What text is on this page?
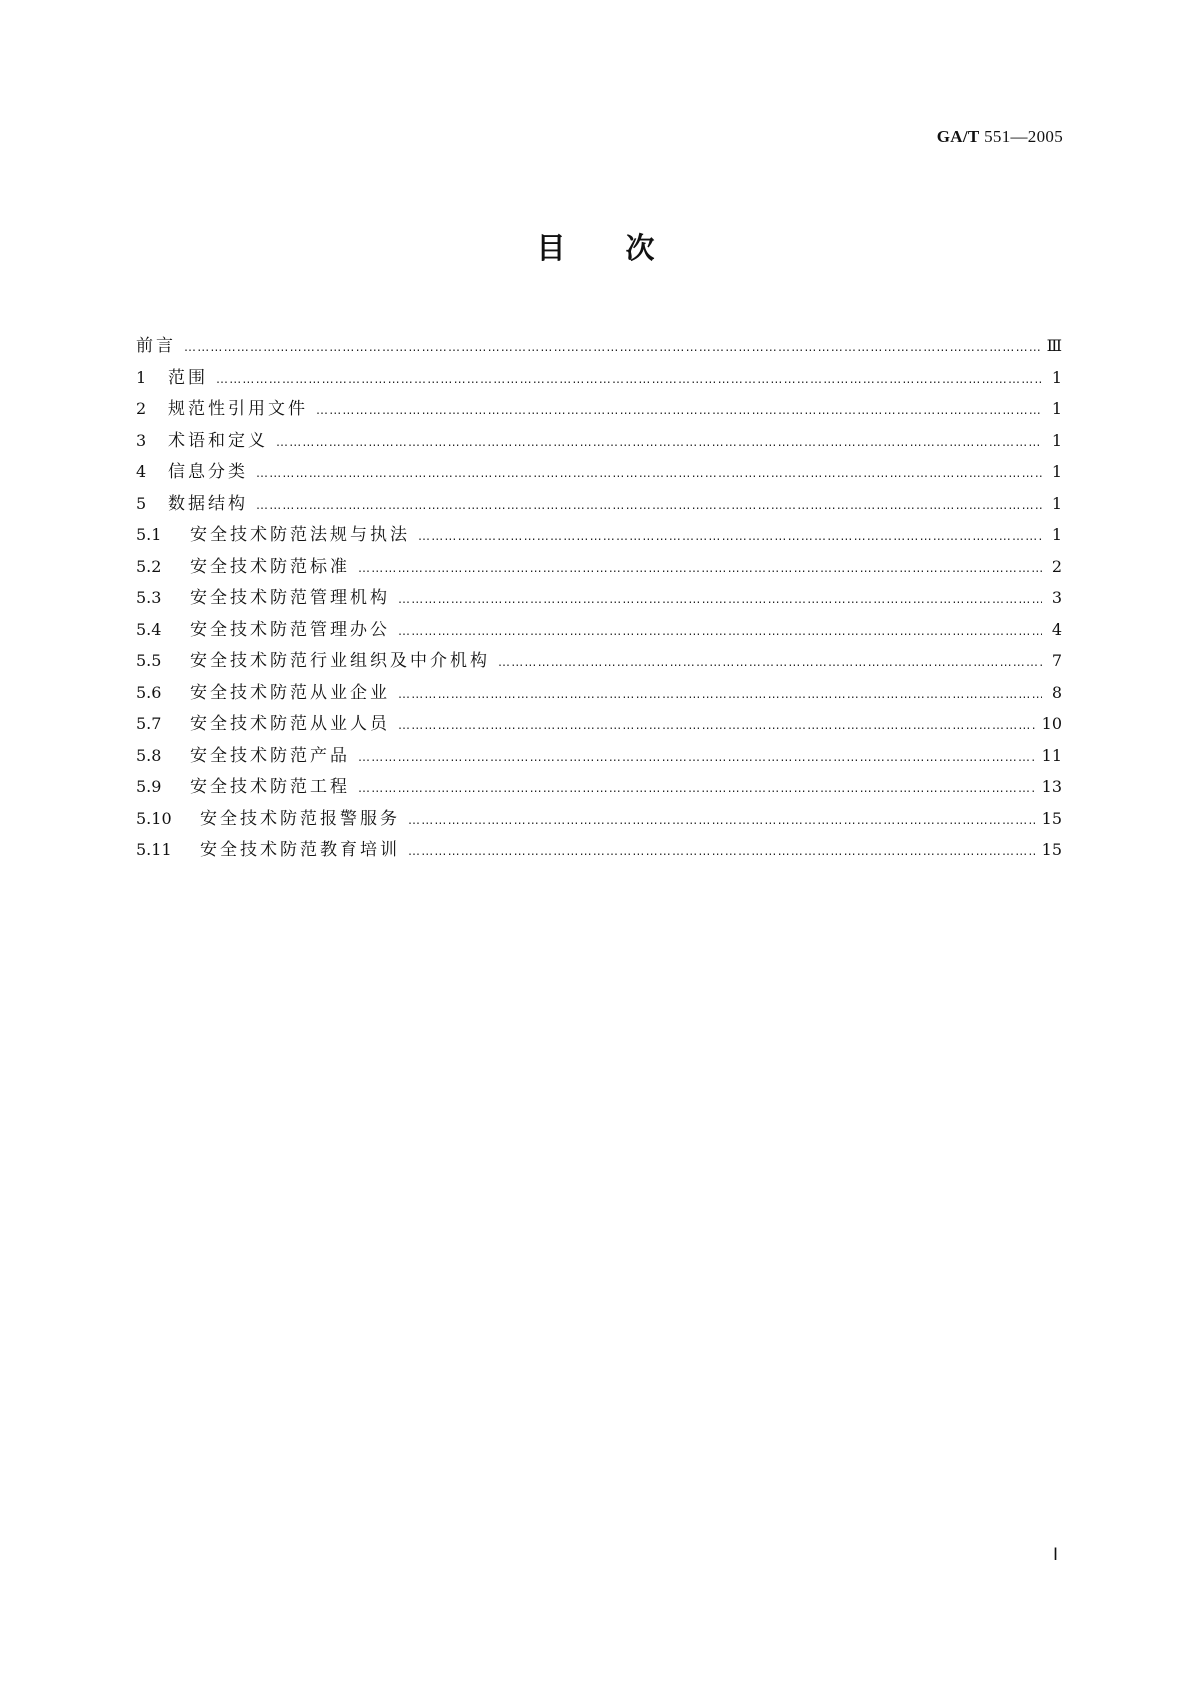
GA/T 551—2005
目次
前言 …………………………………………………………………………………………………………………………………………………………………………………………………………	Ⅲ
1	范围 …………………………………………………………………………………………………………………………………………………………………………………………………………	1
2	规范性引用文件 …………………………………………………………………………………………………………………………………………………………………………………………………………	1
3	术语和定义 …………………………………………………………………………………………………………………………………………………………………………………………………………	1
4	信息分类 …………………………………………………………………………………………………………………………………………………………………………………………………………	1
5	数据结构 …………………………………………………………………………………………………………………………………………………………………………………………………………	1
5.1	安全技术防范法规与执法 …………………………………………………………………………………………………………………………………………………………………………………………………………	1
5.2	安全技术防范标准 …………………………………………………………………………………………………………………………………………………………………………………………………………	2
5.3	安全技术防范管理机构 …………………………………………………………………………………………………………………………………………………………………………………………………………	3
5.4	安全技术防范管理办公 …………………………………………………………………………………………………………………………………………………………………………………………………………	4
5.5	安全技术防范行业组织及中介机构 …………………………………………………………………………………………………………………………………………………………………………………………………………	7
5.6	安全技术防范从业企业 …………………………………………………………………………………………………………………………………………………………………………………………………………	8
5.7	安全技术防范从业人员 …………………………………………………………………………………………………………………………………………………………………………………………………………	10
5.8	安全技术防范产品 …………………………………………………………………………………………………………………………………………………………………………………………………………	11
5.9	安全技术防范工程 …………………………………………………………………………………………………………………………………………………………………………………………………………	13
5.10	安全技术防范报警服务 …………………………………………………………………………………………………………………………………………………………………………………………………………	15
5.11	安全技术防范教育培训 …………………………………………………………………………………………………………………………………………………………………………………………………………	15
Ⅰ
